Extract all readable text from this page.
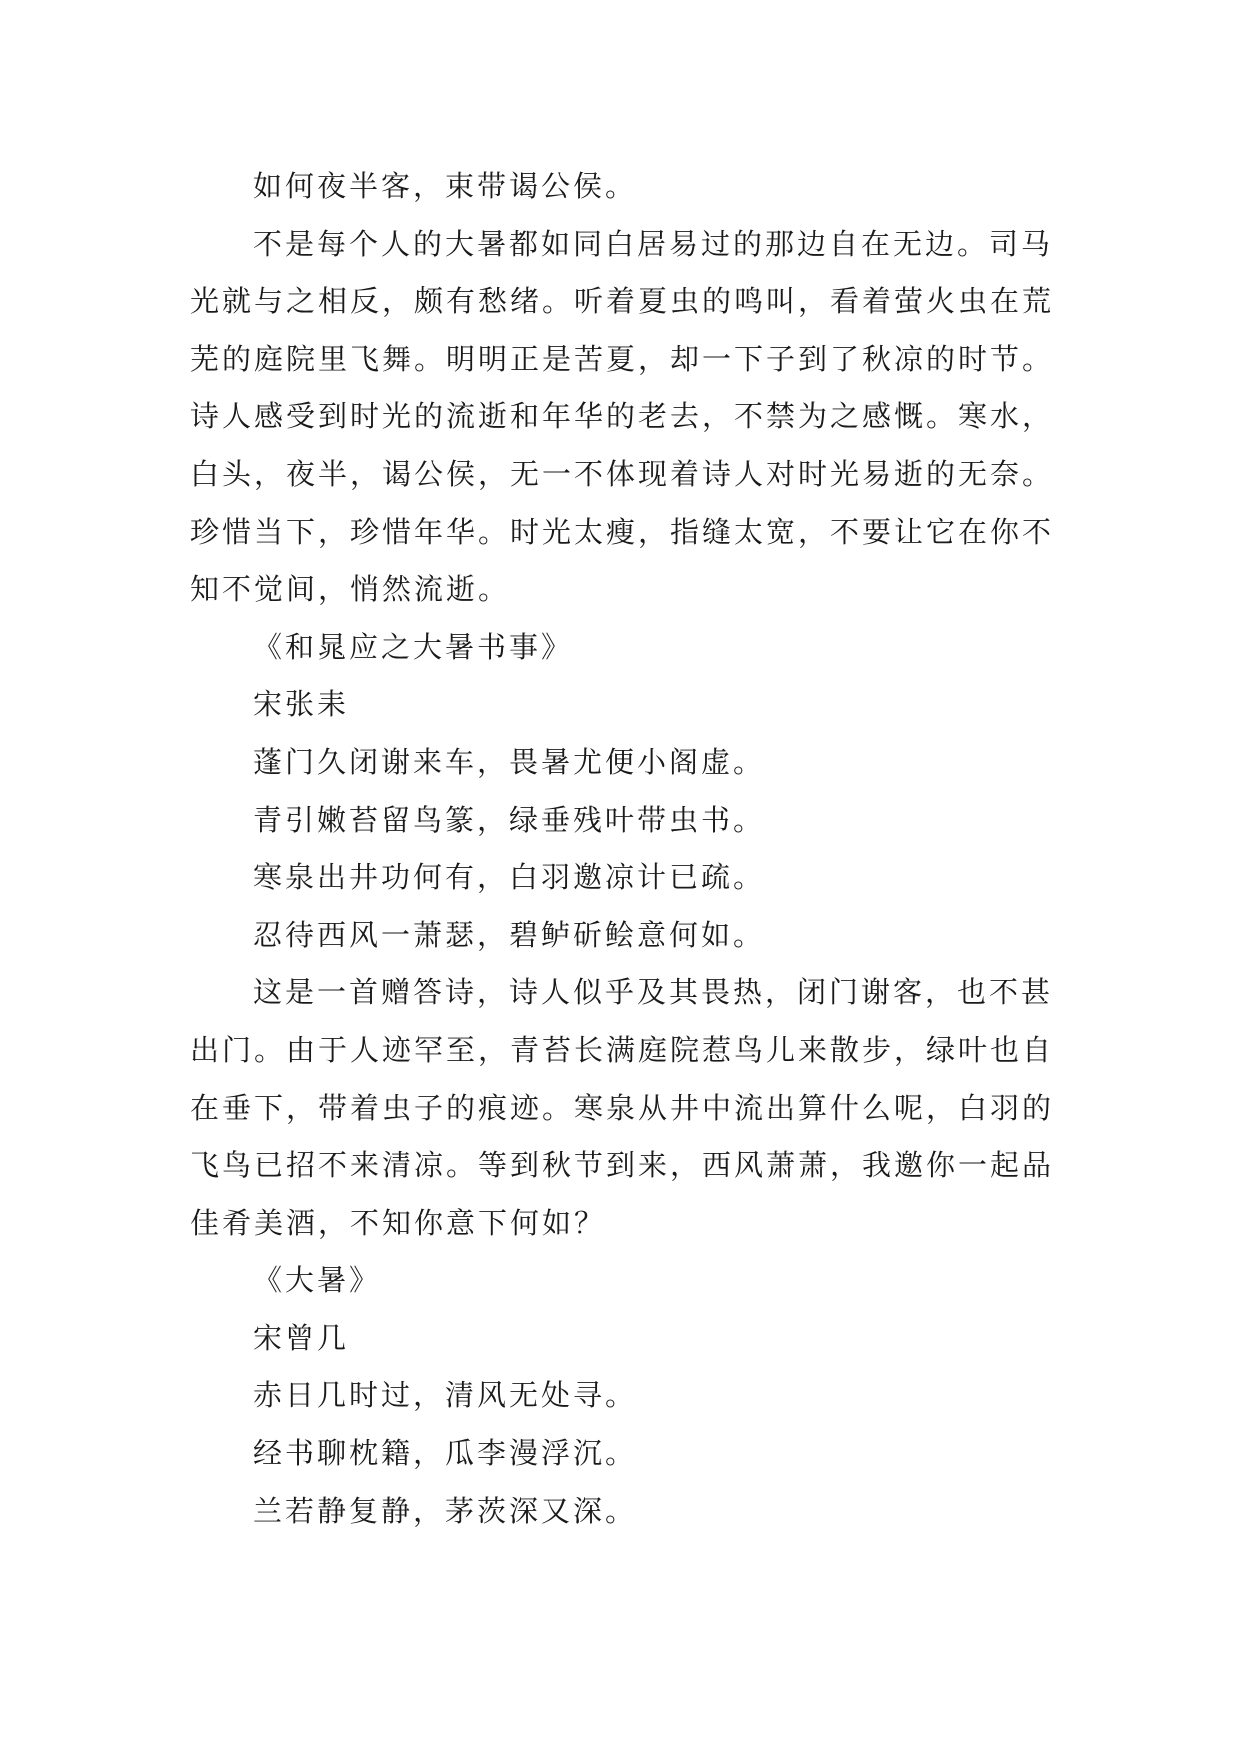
如何夜半客，束带谒公侯。

不是每个人的大暑都如同白居易过的那边自在无边。司马光就与之相反，颇有愁绪。听着夏虫的鸣叫，看着萤火虫在荒芜的庭院里飞舞。明明正是苦夏，却一下子到了秋凉的时节。诗人感受到时光的流逝和年华的老去，不禁为之感慨。寒水，白头，夜半，谒公侯，无一不体现着诗人对时光易逝的无奈。珍惜当下，珍惜年华。时光太瘦，指缝太宽，不要让它在你不知不觉间，悄然流逝。

《和晁应之大暑书事》

宋张耒

蓬门久闭谢来车，畏暑尤便小阁虚。

青引嫩苔留鸟篆，绿垂残叶带虫书。

寒泉出井功何有，白羽邀凉计已疏。

忍待西风一萧瑟，碧鲈斫鲙意何如。

这是一首赠答诗，诗人似乎及其畏热，闭门谢客，也不甚出门。由于人迹罕至，青苔长满庭院惹鸟儿来散步，绿叶也自在垂下，带着虫子的痕迹。寒泉从井中流出算什么呢，白羽的飞鸟已招不来清凉。等到秋节到来，西风萧萧，我邀你一起品佳肴美酒，不知你意下何如？

《大暑》

宋曾几

赤日几时过，清风无处寻。

经书聊枕籍，瓜李漫浮沉。

兰若静复静，茅茨深又深。
